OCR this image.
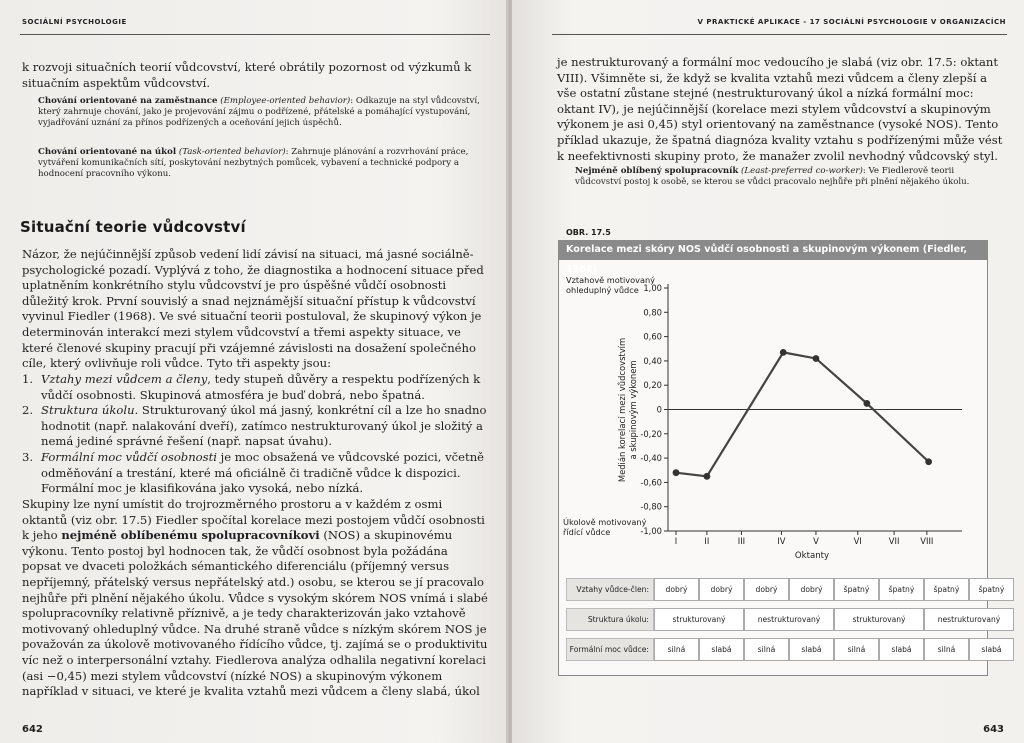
SOCIÁLNÍ PSYCHOLOGIE

k rozvoji situačních teorií vůdcovství, které obrátily pozornost od výzkumů k situačním aspektům vůdcovství.

Chování orientované na zaměstnance (Employee-oriented behavior): Odkazuje na styl vůdcovství, který zahrnuje chování, jako je projevování zájmu o podřízené, přátelské a pomáhající vystupování, vyjadřování uznání za přínos podřízených a oceňování jejich úspěchů.

Chování orientované na úkol (Task-oriented behavior): Zahrnuje plánování a rozvrhování práce, vytváření komunikačních sítí, poskytování nezbytných pomůcek, vybavení a technické podpory a hodnocení pracovního výkonu.

Situační teorie vůdcovství

Názor, že nejúčinnější způsob vedení lidí závisí na situaci, má jasné sociálně-psychologické pozadí. Vyplývá z toho, že diagnostika a hodnocení situace před uplatněním konkrétního stylu vůdcovství je pro úspěšné vůdčí osobnosti důležitý krok. První souvislý a snad nejznámější situační přístup k vůdcovství vyvinul Fiedler (1968). Ve své situační teorii postuloval, že skupinový výkon je determinován interakcí mezi stylem vůdcovství a třemi aspekty situace, ve které členové skupiny pracují při vzájemné závislosti na dosažení společného cíle, který ovlivňuje roli vůdce. Tyto tři aspekty jsou:

1. Vztahy mezi vůdcem a členy, tedy stupeň důvěry a respektu podřízených k vůdčí osobnosti. Skupinová atmosféra je buď dobrá, nebo špatná.
2. Struktura úkolu. Strukturovaný úkol má jasný, konkrétní cíl a lze ho snadno hodnotit (např. nalakování dveří), zatímco nestrukturovaný úkol je složitý a nemá jediné správné řešení (např. napsat úvahu).
3. Formální moc vůdčí osobnosti je moc obsažená ve vůdcovské pozici, včetně odměňování a trestání, které má oficiálně či tradičně vůdce k dispozici. Formální moc je klasifikována jako vysoká, nebo nízká.

Skupiny lze nyní umístit do trojrozměrného prostoru a v každém z osmi oktantů (viz obr. 17.5) Fiedler spočítal korelace mezi postojem vůdčí osobnosti k jeho nejméně oblíbenému spolupracovníkovi (NOS) a skupinovému výkonu. Tento postoj byl hodnocen tak, že vůdčí osobnost byla požádána popsat ve dvaceti položkách sémantického diferenciálu (příjemný versus nepříjemný, přátelský versus nepřátelský atd.) osobu, se kterou se jí pracovalo nejhůře při plnění nějakého úkolu. Vůdce s vysokým skórem NOS vnímá i slabé spolupracovníky relativně příznivě, a je tedy charakterizován jako vztahově motivovaný ohleduplný vůdce. Na druhé straně vůdce s nízkým skórem NOS je považován za úkolově motivovaného řídícího vůdce, tj. zajímá se o produktivitu víc než o interpersonální vztahy. Fiedlerova analýza odhalila negativní korelaci (asi −0,45) mezi stylem vůdcovství (nízké NOS) a skupinovým výkonem například v situaci, ve které je kvalita vztahů mezi vůdcem a členy slabá, úkol

642
V PRAKTICKÉ APLIKACE - 17 SOCIÁLNÍ PSYCHOLOGIE V ORGANIZACÍCH

je nestrukturovaný a formální moc vedoucího je slabá (viz obr. 17.5: oktant VIII). Všimněte si, že když se kvalita vztahů mezi vůdcem a členy zlepší a vše ostatní zůstane stejné (nestrukturovaný úkol a nízká formální moc: oktant IV), je nejúčinnější (korelace mezi stylem vůdcovství a skupinovým výkonem je asi 0,45) styl orientovaný na zaměstnance (vysoké NOS). Tento příklad ukazuje, že špatná diagnóza kvality vztahu s podřízenými může vést k neefektivnosti skupiny proto, že manažer zvolil nevhodný vůdcovský styl.

Nejméně oblíbený spolupracovník (Least-preferred co-worker): Ve Fiedlerově teorii vůdcovství postoj k osobě, se kterou se vůdci pracovalo nejhůře při plnění nějakého úkolu.

643
OBR. 17.5
Korelace mezi skóry NOS vůdčí osobnosti a skupinovým výkonem (Fiedler, 1968)
1,00
0,80
0,60
0,40
0,20
0
-0,20
-0,40
-0,60
-0,80
-1,00
I	II	III	IV	V	VI	VII VIII
Oktanty
Medián korelací mezi vůdcovstvím a skupinovým výkonem
Vztahově motivovaný ohleduplný vůdce
Úkolově motivovaný řídící vůdce
Vztahy vůdce-člen:	dobrý	dobrý	dobrý	dobrý	špatný	špatný	špatný	špatný

Struktura úkolu:	strukturovaný		nestrukturovaný		strukturovaný		nestrukturovaný	

Formální moc vůdce:	silná	slabá	silná	slabá	silná	slabá	silná	slabá
